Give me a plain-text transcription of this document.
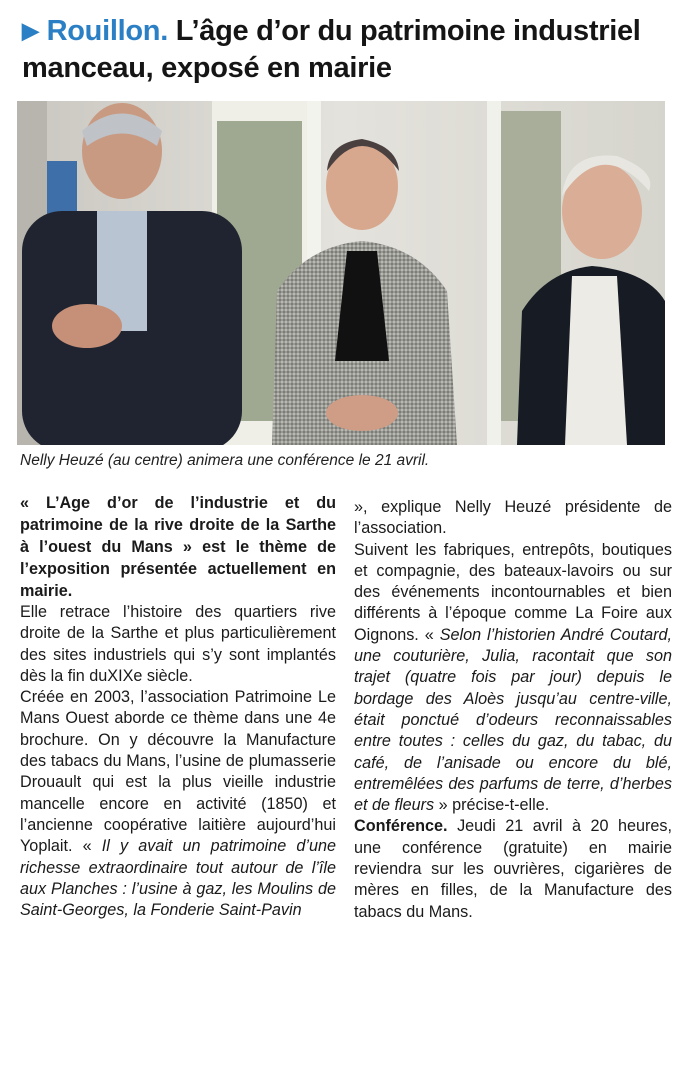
▶ Rouillon. L’âge d’or du patrimoine industriel manceau, exposé en mairie
Nelly Heuzé (au centre) animera une conférence le 21 avril.

« L’Age d’or de l’industrie et du patrimoine de la rive droite de la Sarthe à l’ouest du Mans » est le thème de l’exposition présentée actuellement en mairie.

Elle retrace l’histoire des quartiers rive droite de la Sarthe et plus particulièrement des sites industriels qui s’y sont implantés dès la fin duXIXe siècle.

Créée en 2003, l’association Patrimoine Le Mans Ouest aborde ce thème dans une 4e brochure. On y découvre la Manufacture des tabacs du Mans, l’usine de plumasserie Drouault qui est la plus vieille industrie mancelle encore en activité (1850) et l’ancienne coopérative laitière aujourd’hui Yoplait. « Il y avait un patrimoine d’une richesse extraordinaire tout autour de l’île aux Planches : l’usine à gaz, les Moulins de Saint-Georges, la Fonderie Saint-Pavin

», explique Nelly Heuzé présidente de l’association.

Suivent les fabriques, entrepôts, boutiques et compagnie, des bateaux-lavoirs ou sur des événements incontournables et bien différents à l’époque comme La Foire aux Oignons. « Selon l’historien André Coutard, une couturière, Julia, racontait que son trajet (quatre fois par jour) depuis le bordage des Aloès jusqu’au centre-ville, était ponctué d’odeurs reconnaissables entre toutes : celles du gaz, du tabac, du café, de l’anisade ou encore du blé, entremêlées des parfums de terre, d’herbes et de fleurs » précise-t-elle.

Conférence. Jeudi 21 avril à 20 heures, une conférence (gratuite) en mairie reviendra sur les ouvrières, cigarières de mères en filles, de la Manufacture des tabacs du Mans.
